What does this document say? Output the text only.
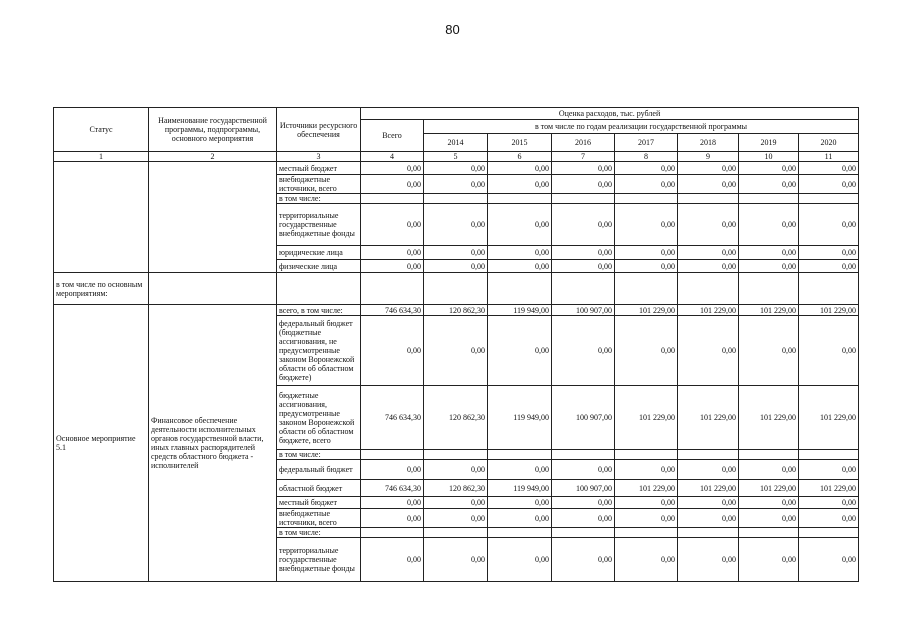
80
Статус	Наименование государственной программы, подпрограммы, основного мероприятия	Источники ресурсного обеспечения	Оценка расходов, тыс. рублей							
			Всего	в том числе по годам реализации государственной программы						
				2014	2015	2016	2017	2018	2019	2020
1	2	3	4	5	6	7	8	9	10	11
		местный бюджет	0,00	0,00	0,00	0,00	0,00	0,00	0,00	0,00
		внебюджетные источники, всего	0,00	0,00	0,00	0,00	0,00	0,00	0,00	0,00
		в том числе:								
		территориальные государственные внебюджетные фонды	0,00	0,00	0,00	0,00	0,00	0,00	0,00	0,00
		юридические лица	0,00	0,00	0,00	0,00	0,00	0,00	0,00	0,00
		физические лица	0,00	0,00	0,00	0,00	0,00	0,00	0,00	0,00
в том числе по основным мероприятиям:										
Основное мероприятие 5.1	Финансовое обеспечение деятельности исполнительных органов государственной власти, иных главных распорядителей средств областного бюджета - исполнителей	всего, в том числе:	746 634,30	120 862,30	119 949,00	100 907,00	101 229,00	101 229,00	101 229,00	101 229,00
		федеральный бюджет (бюджетные ассигнования, не предусмотренные законом Воронежской области об областном бюджете)	0,00	0,00	0,00	0,00	0,00	0,00	0,00	0,00
		бюджетные ассигнования, предусмотренные законом Воронежской области об областном бюджете, всего	746 634,30	120 862,30	119 949,00	100 907,00	101 229,00	101 229,00	101 229,00	101 229,00
		в том числе:								
		федеральный бюджет	0,00	0,00	0,00	0,00	0,00	0,00	0,00	0,00
		областной бюджет	746 634,30	120 862,30	119 949,00	100 907,00	101 229,00	101 229,00	101 229,00	101 229,00
		местный бюджет	0,00	0,00	0,00	0,00	0,00	0,00	0,00	0,00
		внебюджетные источники, всего	0,00	0,00	0,00	0,00	0,00	0,00	0,00	0,00
		в том числе:								
		территориальные государственные внебюджетные фонды	0,00	0,00	0,00	0,00	0,00	0,00	0,00	0,00
